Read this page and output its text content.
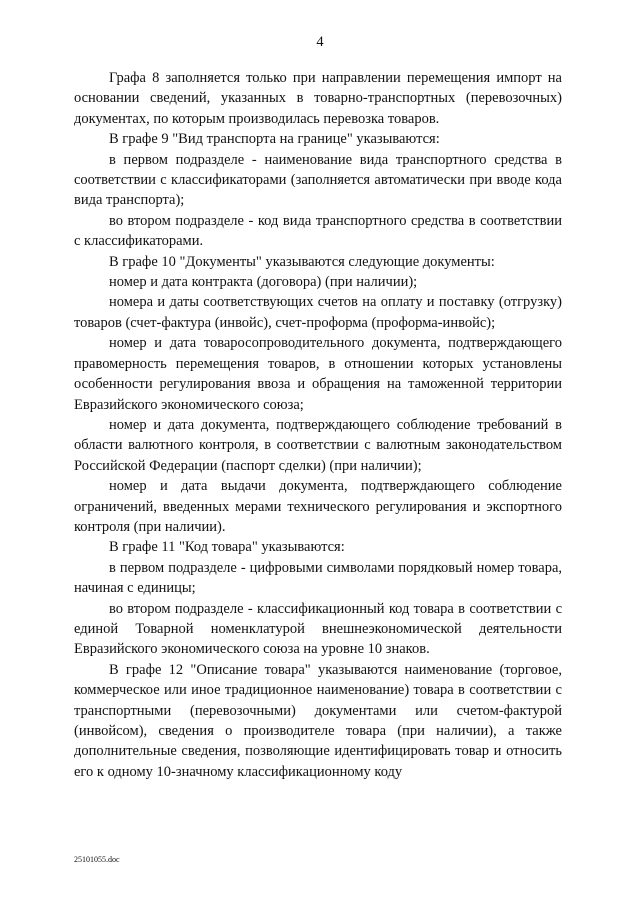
4

Графа 8 заполняется только при направлении перемещения импорт на основании сведений, указанных в товарно-транспортных (перевозочных) документах, по которым производилась перевозка товаров.

В графе 9 "Вид транспорта на границе" указываются:

в первом подразделе - наименование вида транспортного средства в соответствии с классификаторами (заполняется автоматически при вводе кода вида транспорта);

во втором подразделе - код вида транспортного средства в соответствии с классификаторами.

В графе 10 "Документы" указываются следующие документы:

номер и дата контракта (договора) (при наличии);

номера и даты соответствующих счетов на оплату и поставку (отгрузку) товаров (счет-фактура (инвойс), счет-проформа (проформа-инвойс);

номер и дата товаросопроводительного документа, подтверждающего правомерность перемещения товаров, в отношении которых установлены особенности регулирования ввоза и обращения на таможенной территории Евразийского экономического союза;

номер и дата документа, подтверждающего соблюдение требований в области валютного контроля, в соответствии с валютным законодательством Российской Федерации (паспорт сделки) (при наличии);

номер и дата выдачи документа, подтверждающего соблюдение ограничений, введенных мерами технического регулирования и экспортного контроля (при наличии).

В графе 11 "Код товара" указываются:

в первом подразделе - цифровыми символами порядковый номер товара, начиная с единицы;

во втором подразделе - классификационный код товара в соответствии с единой Товарной номенклатурой внешнеэкономической деятельности Евразийского экономического союза на уровне 10 знаков.

В графе 12 "Описание товара" указываются наименование (торговое, коммерческое или иное традиционное наименование) товара в соответствии с транспортными (перевозочными) документами или счетом-фактурой (инвойсом), сведения о производителе товара (при наличии), а также дополнительные сведения, позволяющие идентифицировать товар и относить его к одному 10-значному классификационному коду

25101055.doc
